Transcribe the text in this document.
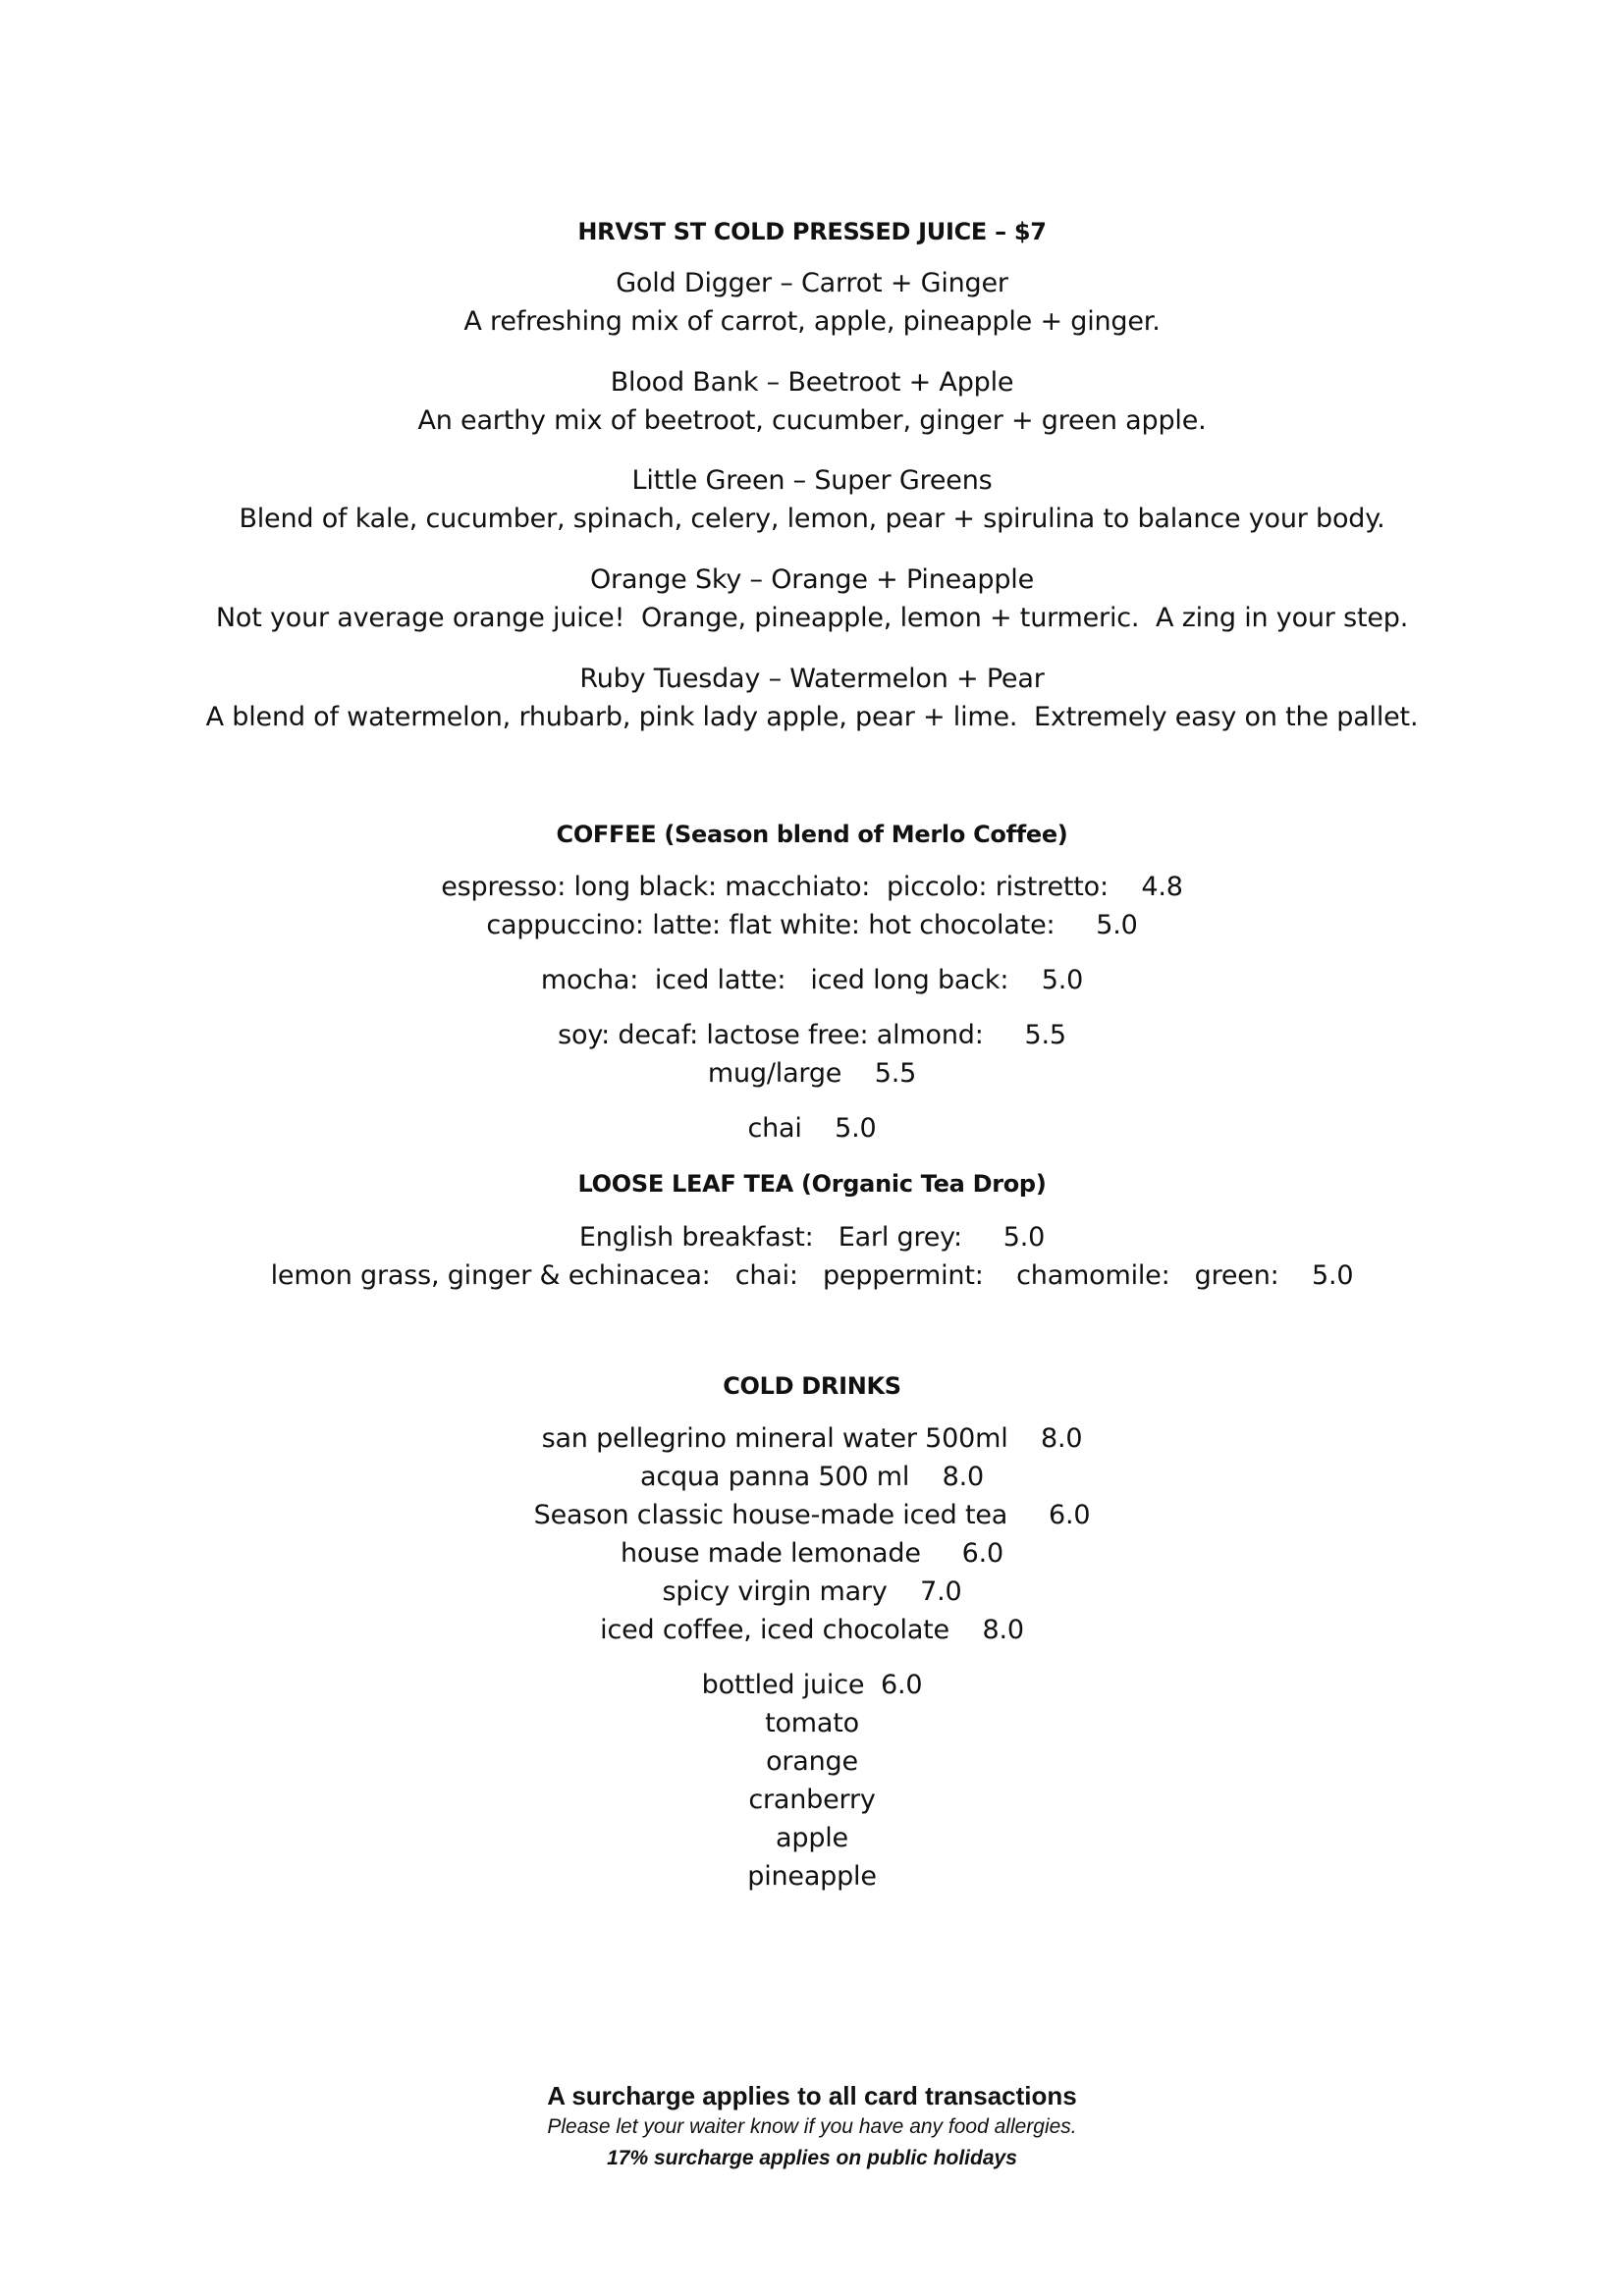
HRVST ST COLD PRESSED JUICE – $7
Gold Digger – Carrot + Ginger
A refreshing mix of carrot, apple, pineapple + ginger.
Blood Bank – Beetroot + Apple
An earthy mix of beetroot, cucumber, ginger + green apple.
Little Green – Super Greens
Blend of kale, cucumber, spinach, celery, lemon, pear + spirulina to balance your body.
Orange Sky – Orange + Pineapple
Not your average orange juice!  Orange, pineapple, lemon + turmeric.  A zing in your step.
Ruby Tuesday – Watermelon + Pear
A blend of watermelon, rhubarb, pink lady apple, pear + lime.  Extremely easy on the pallet.
COFFEE (Season blend of Merlo Coffee)
espresso: long black: macchiato:  piccolo: ristretto:    4.8
cappuccino: latte: flat white: hot chocolate:     5.0
mocha:  iced latte:   iced long back:    5.0
soy: decaf: lactose free: almond:     5.5
mug/large    5.5
chai    5.0
LOOSE LEAF TEA (Organic Tea Drop)
English breakfast:   Earl grey:     5.0
lemon grass, ginger & echinacea:   chai:   peppermint:    chamomile:   green:    5.0
COLD DRINKS
san pellegrino mineral water 500ml    8.0
acqua panna 500 ml    8.0
Season classic house-made iced tea     6.0
house made lemonade     6.0
spicy virgin mary    7.0
iced coffee, iced chocolate    8.0
bottled juice  6.0
tomato
orange
cranberry
apple
pineapple
A surcharge applies to all card transactions
Please let your waiter know if you have any food allergies.
17% surcharge applies on public holidays
